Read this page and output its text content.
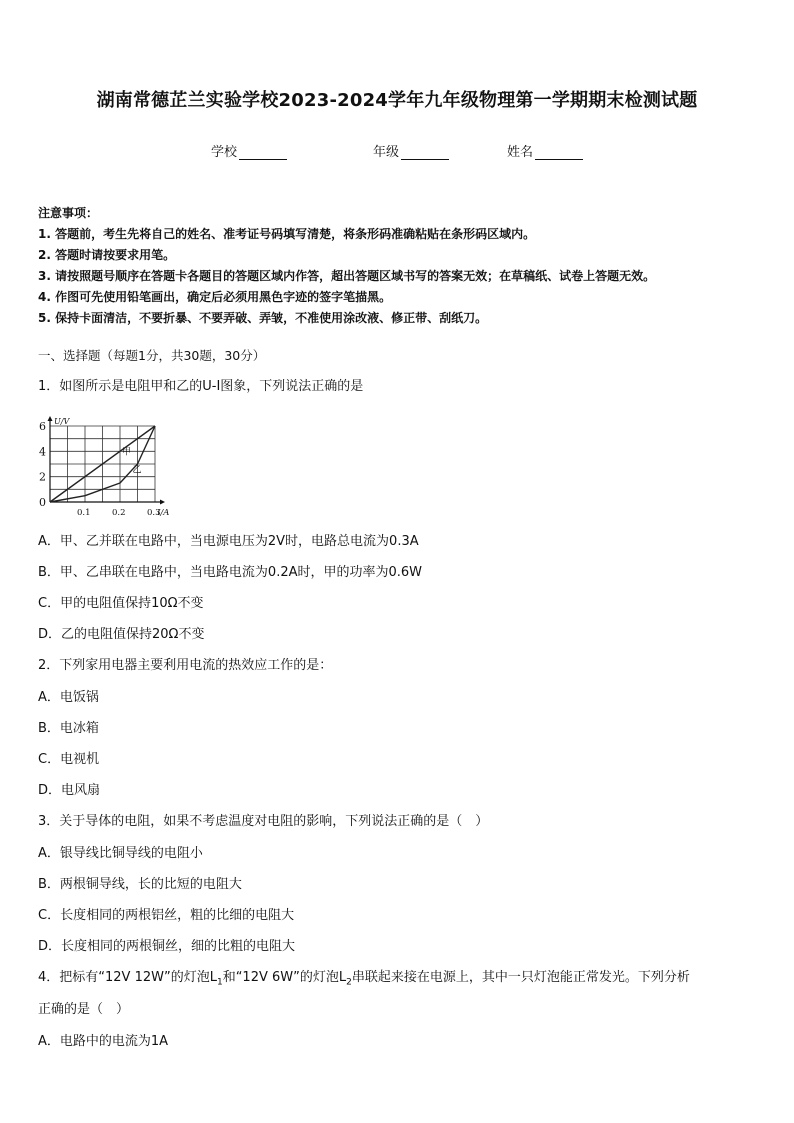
湖南常德芷兰实验学校2023-2024学年九年级物理第一学期期末检测试题
学校	年级	姓名
注意事项：
1. 答题前，考生先将自己的姓名、准考证号码填写清楚，将条形码准确粘贴在条形码区域内。
2. 答题时请按要求用笔。
3. 请按照题号顺序在答题卡各题目的答题区域内作答，超出答题区域书写的答案无效；在草稿纸、试卷上答题无效。
4. 作图可先使用铅笔画出，确定后必须用黑色字迹的签字笔描黑。
5. 保持卡面清洁，不要折暴、不要弄破、弄皱，不准使用涂改液、修正带、刮纸刀。
一、选择题（每题1分，共30题，30分）
1．如图所示是电阻甲和乙的U-I图象，下列说法正确的是
甲
乙
0
2
4
6
0.1	0.2	0.3
U/V
I/A
A．甲、乙并联在电路中，当电源电压为2V时，电路总电流为0.3A
B．甲、乙串联在电路中，当电路电流为0.2A时，甲的功率为0.6W
C．甲的电阻值保持10Ω不变
D．乙的电阻值保持20Ω不变
2．下列家用电器主要利用电流的热效应工作的是：
A．电饭锅
B．电冰箱
C．电视机
D．电风扇
3．关于导体的电阻，如果不考虑温度对电阻的影响，下列说法正确的是（　）
A．银导线比铜导线的电阻小
B．两根铜导线，长的比短的电阻大
C．长度相同的两根铝丝，粗的比细的电阻大
D．长度相同的两根铜丝，细的比粗的电阻大
4．把标有“12V 12W”的灯泡$L_1$和“12V 6W”的灯泡$L_2$串联起来接在电源上，其中一只灯泡能正常发光。下列分析
正确的是（　）
A．电路中的电流为1A
